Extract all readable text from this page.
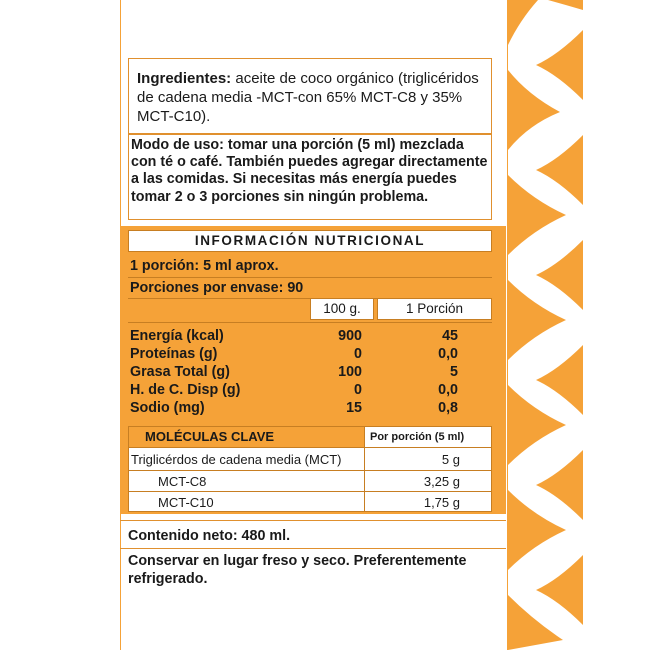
Ingredientes: aceite de coco orgánico (triglicéridos de cadena media -MCT-con 65% MCT-C8 y 35% MCT-C10).
Modo de uso: tomar una porción (5 ml) mezclada con té o café. También puedes agregar directamente a las comidas. Si necesitas más energía puedes tomar 2 o 3 porciones sin ningún problema.
INFORMACIÓN NUTRICIONAL
1 porción: 5 ml aprox.
Porciones por envase: 90
100 g.	1 Porción
Energía (kcal)	900	45
Proteínas (g)	0	0,0
Grasa Total (g)	100	5
H. de C. Disp (g)	0	0,0
Sodio (mg)	15	0,8
MOLÉCULAS CLAVE	Por porción (5 ml)
Triglicérdos de cadena media (MCT)	5 g
MCT-C8	3,25 g
MCT-C10	1,75 g
Contenido neto: 480 ml.
Conservar en lugar freso y seco. Preferentemente refrigerado.
